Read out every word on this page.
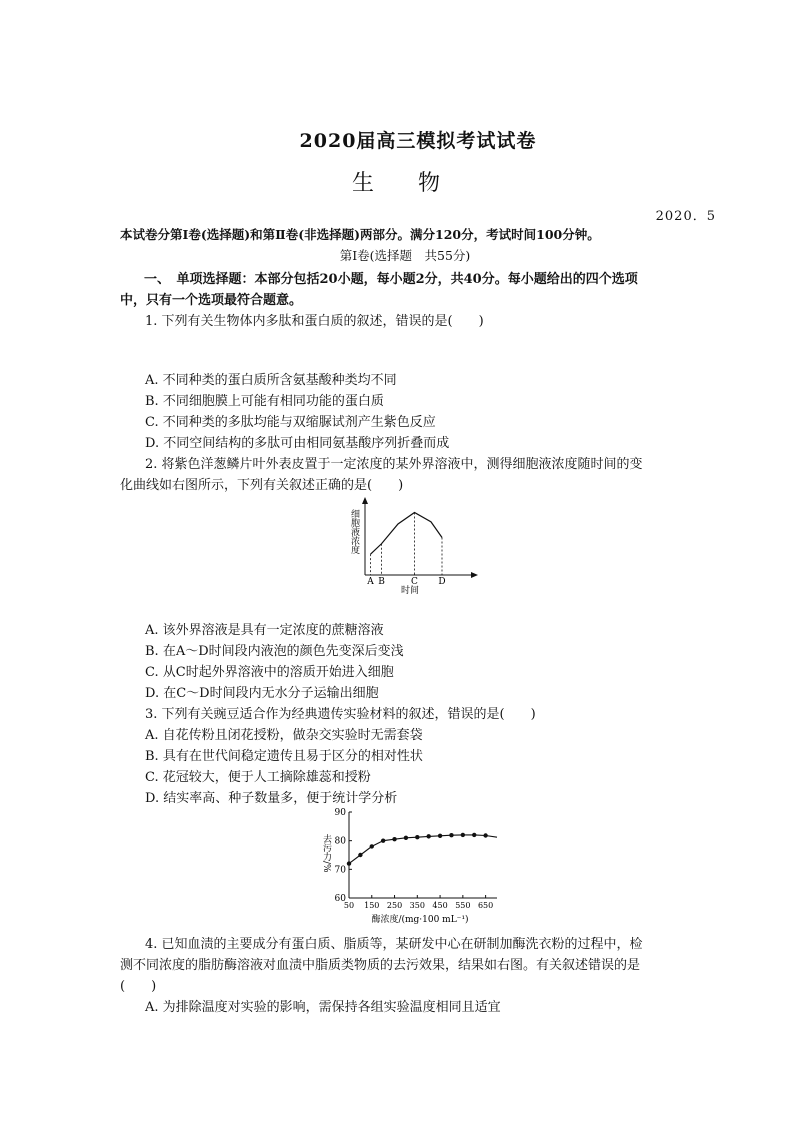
2020届高三模拟考试试卷
生物
2020．5
本试卷分第Ⅰ卷(选择题)和第Ⅱ卷(非选择题)两部分。满分120分，考试时间100分钟。
第Ⅰ卷(选择题　共55分)
一、　单项选择题：本部分包括20小题，每小题2分，共40分。每小题给出的四个选项
中，只有一个选项最符合题意。
1. 下列有关生物体内多肽和蛋白质的叙述，错误的是(　　)
A. 不同种类的蛋白质所含氨基酸种类均不同
B. 不同细胞膜上可能有相同功能的蛋白质
C. 不同种类的多肽均能与双缩脲试剂产生紫色反应
D. 不同空间结构的多肽可由相同氨基酸序列折叠而成
2. 将紫色洋葱鳞片叶外表皮置于一定浓度的某外界溶液中，测得细胞液浓度随时间的变
化曲线如右图所示，下列有关叙述正确的是(　　)
A B	C D
细胞液浓度
时间
A. 该外界溶液是具有一定浓度的蔗糖溶液
B. 在A～D时间段内液泡的颜色先变深后变浅
C. 从C时起外界溶液中的溶质开始进入细胞
D. 在C～D时间段内无水分子运输出细胞
3. 下列有关豌豆适合作为经典遗传实验材料的叙述，错误的是(　　)
A. 自花传粉且闭花授粉，做杂交实验时无需套袋
B. 具有在世代间稳定遗传且易于区分的相对性状
C. 花冠较大，便于人工摘除雄蕊和授粉
D. 结实率高、种子数量多，便于统计学分析
60
70
80
90
50 150 250 350 450 550 650
去污力/%
酶浓度/(mg·100 mL⁻¹)
4. 已知血渍的主要成分有蛋白质、脂质等，某研发中心在研制加酶洗衣粉的过程中，检
测不同浓度的脂肪酶溶液对血渍中脂质类物质的去污效果，结果如右图。有关叙述错误的是
(　　)
A. 为排除温度对实验的影响，需保持各组实验温度相同且适宜
